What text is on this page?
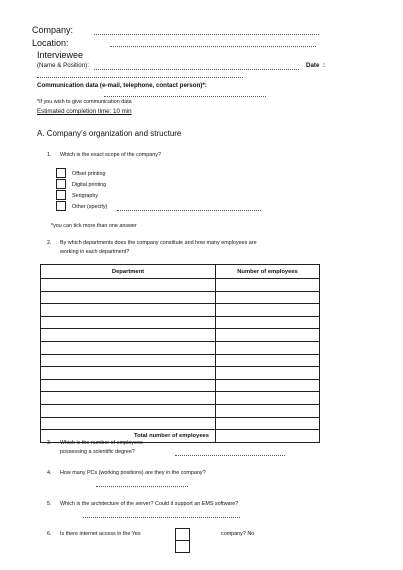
Company:
Location:
Interviewee
(Name & Position):	Date :
Communication data (e-mail, telephone, contact person)*:
*If you wish to give communication data
Estimated completion time: 10 min
A. Company’s organization and structure
1. Which is the exact scope of the company?
Offset printing
Digital printing
Serigraphy
Other (specify)
*you can tick more than one answer
2. By which departments does the company constitute and how many employees are
working in each department?
Department	Number of employees

Total number of employees	
3. Which is the number of employees
possessing a scientific degree?
4. How many PCs (working positions) are they in the company?
5. Which is the architecture of the server? Could it support an EMS software?
6. Is there internet access in the Yes	company? No
